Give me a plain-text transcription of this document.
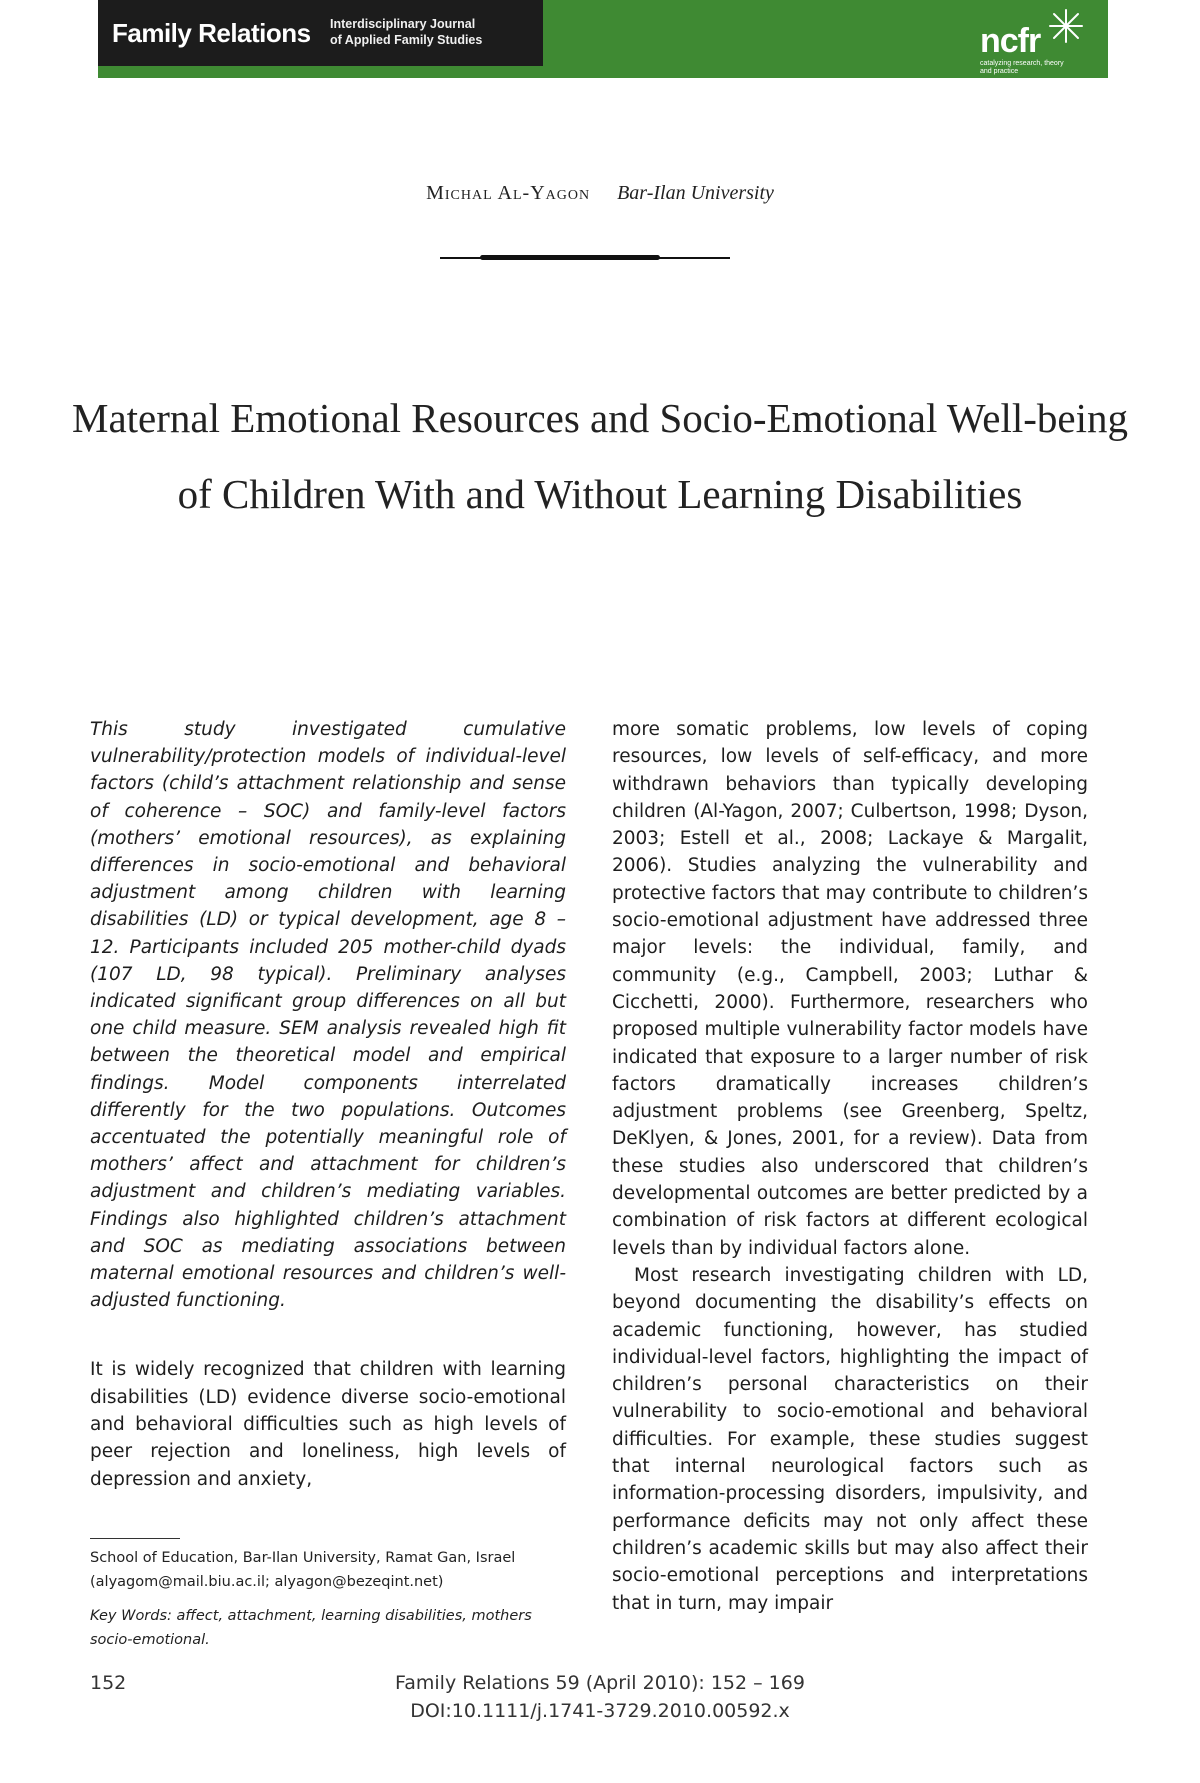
Family Relations Interdisciplinary Journal
of Applied Family Studies	ncfr
catalyzing research, theory and practice
Michal Al-Yagon Bar-Ilan University
Maternal Emotional Resources and Socio-Emotional Well-being of Children With and Without Learning Disabilities

This study investigated cumulative vulnerability/protection models of individual-level factors (child’s attachment relationship and sense of coherence – SOC) and family-level factors (mothers’ emotional resources), as explaining differences in socio-emotional and behavioral adjustment among children with learning disabilities (LD) or typical development, age 8 – 12. Participants included 205 mother-child dyads (107 LD, 98 typical). Preliminary analyses indicated significant group differences on all but one child measure. SEM analysis revealed high fit between the theoretical model and empirical findings. Model components interrelated differently for the two populations. Outcomes accentuated the potentially meaningful role of mothers’ affect and attachment for children’s adjustment and children’s mediating variables. Findings also highlighted children’s attachment and SOC as mediating associations between maternal emotional resources and children’s well-adjusted functioning.

It is widely recognized that children with learning disabilities (LD) evidence diverse socio-emotional and behavioral difficulties such as high levels of peer rejection and loneliness, high levels of depression and anxiety,

more somatic problems, low levels of coping resources, low levels of self-efficacy, and more withdrawn behaviors than typically developing children (Al-Yagon, 2007; Culbertson, 1998; Dyson, 2003; Estell et al., 2008; Lackaye & Margalit, 2006). Studies analyzing the vulnerability and protective factors that may contribute to children’s socio-emotional adjustment have addressed three major levels: the individual, family, and community (e.g., Campbell, 2003; Luthar & Cicchetti, 2000). Furthermore, researchers who proposed multiple vulnerability factor models have indicated that exposure to a larger number of risk factors dramatically increases children’s adjustment problems (see Greenberg, Speltz, DeKlyen, & Jones, 2001, for a review). Data from these studies also underscored that children’s developmental outcomes are better predicted by a combination of risk factors at different ecological levels than by individual factors alone.

Most research investigating children with LD, beyond documenting the disability’s effects on academic functioning, however, has studied individual-level factors, highlighting the impact of children’s personal characteristics on their vulnerability to socio-emotional and behavioral difficulties. For example, these studies suggest that internal neurological factors such as information-processing disorders, impulsivity, and performance deficits may not only affect these children’s academic skills but may also affect their socio-emotional perceptions and interpretations that in turn, may impair

School of Education, Bar-Ilan University, Ramat Gan, Israel (alyagom@mail.biu.ac.il; alyagon@bezeqint.net)
Key Words: affect, attachment, learning disabilities, mothers socio-emotional.
152	Family Relations 59 (April 2010): 152 – 169
DOI:10.1111/j.1741-3729.2010.00592.x
